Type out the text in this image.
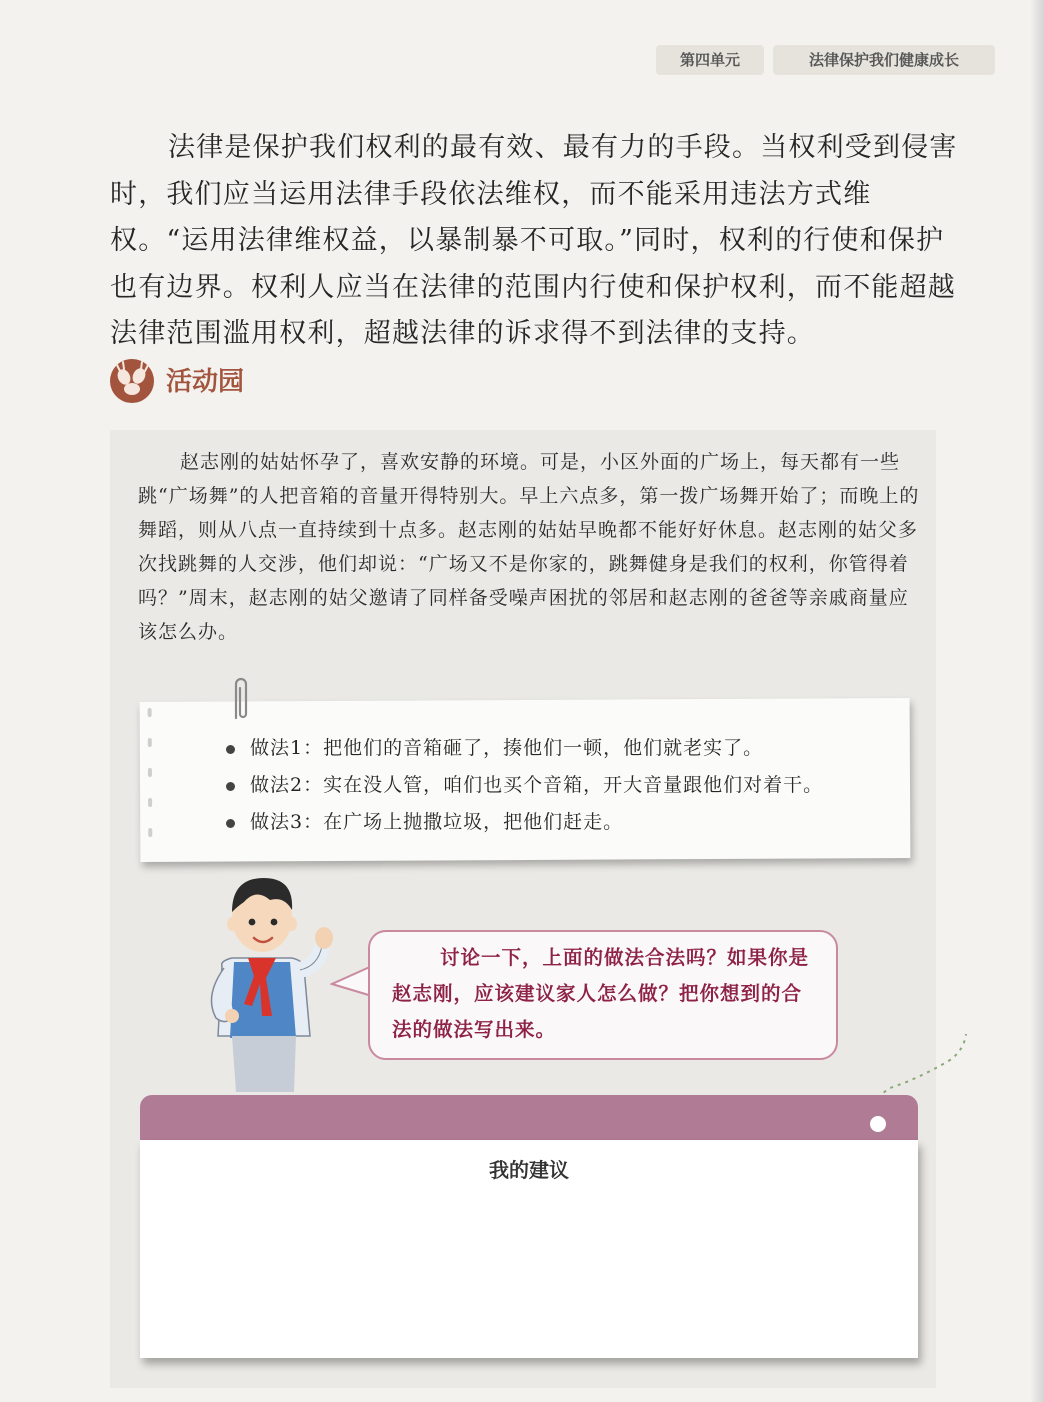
第四单元	法律保护我们健康成长

法律是保护我们权利的最有效、最有力的手段。当权利受到侵害时，我们应当运用法律手段依法维权，而不能采用违法方式维权。“运用法律维权益，以暴制暴不可取。”同时，权利的行使和保护也有边界。权利人应当在法律的范围内行使和保护权利，而不能超越法律范围滥用权利，超越法律的诉求得不到法律的支持。

活动园

赵志刚的姑姑怀孕了，喜欢安静的环境。可是，小区外面的广场上，每天都有一些跳“广场舞”的人把音箱的音量开得特别大。早上六点多，第一拨广场舞开始了；而晚上的舞蹈，则从八点一直持续到十点多。赵志刚的姑姑早晚都不能好好休息。赵志刚的姑父多次找跳舞的人交涉，他们却说：“广场又不是你家的，跳舞健身是我们的权利，你管得着吗？”周末，赵志刚的姑父邀请了同样备受噪声困扰的邻居和赵志刚的爸爸等亲戚商量应该怎么办。

做法1：把他们的音箱砸了，揍他们一顿，他们就老实了。
做法2：实在没人管，咱们也买个音箱，开大音量跟他们对着干。
做法3：在广场上抛撒垃圾，把他们赶走。

讨论一下，上面的做法合法吗？如果你是赵志刚，应该建议家人怎么做？把你想到的合法的做法写出来。

我的建议
